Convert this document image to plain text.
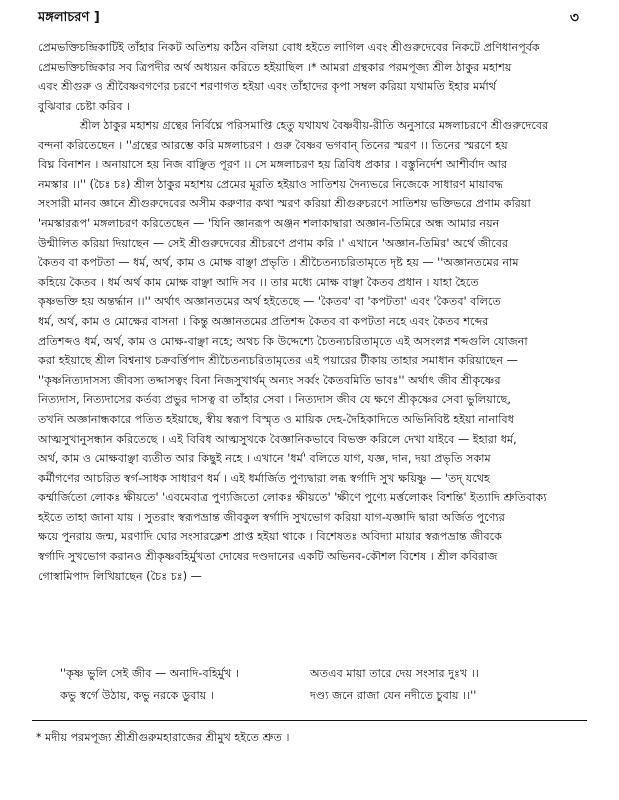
মঙ্গলাচরণ ]	৩
প্রেমভক্তিচন্দ্রিকাটিই তাঁহার নিকট অতিশয় কঠিন বলিয়া বোধ হইতে লাগিল এবং শ্রীগুরুদেবের নিকটে প্রণিধানপূর্বক
প্রেমভক্তিচন্দ্রিকার সব ত্রিপদীর অর্থ অধ্যয়ন করিতে হইয়াছিল ।* আমরা গ্রন্থকার পরমপূজ্য শ্রীল ঠাকুর মহাশয়
এবং শ্রীগুরু ও শ্রীবৈষ্ণবগণের চরণে শরণাগত হইয়া এবং তাঁহাদের কৃপা সম্বল করিয়া যথামতি ইহার মর্মার্থ
বুঝিবার চেষ্টা করিব ।
শ্রীল ঠাকুর মহাশয় গ্রন্থের নির্বিঘ্নে পরিসমাপ্তি হেতু যথাযথ বৈষ্ণবীয়-রীতি অনুসারে মঙ্গলাচরণে শ্রীগুরুদেবের
বন্দনা করিতেছেন । ''গ্রন্থের আরম্ভে করি মঙ্গলাচরণ । গুরু বৈষ্ণব ভগবান্ তিনের স্মরণ ।। তিনের স্মরণে হয়
বিঘ্ন বিনাশন । অনায়াসে হয় নিজ বাঞ্ছিত পূরণ ।। সে মঙ্গলাচরণ হয় ত্রিবিধ প্রকার । বস্তুনির্দেশ আশীর্বাদ আর
নমস্কার ।।'' (চৈঃ চঃ) শ্রীল ঠাকুর মহাশয় প্রেমের মূরতি হইয়াও সাতিশয় দৈন্যভরে নিজেকে সাধারণ মায়াবদ্ধ
সংসারী মানব জ্ঞানে শ্রীগুরুদেবের অসীম করুণার কথা স্মরণ করিয়া শ্রীগুরুচরণে সাতিশয় ভক্তিভরে প্রণাম করিয়া
'নমস্কাররূপ' মঙ্গলাচরণ করিতেছেন — 'যিনি জ্ঞানরূপ অঞ্জন শলাকাদ্বারা অজ্ঞান-তিমিরে অন্ধ আমার নয়ন
উন্মীলিত করিয়া দিয়াছেন — সেই শ্রীগুরুদেবের শ্রীচরণে প্রণাম করি ।' এখানে 'অজ্ঞান-তিমির' অর্থে জীবের
কৈতব বা কপটতা — ধর্ম, অর্থ, কাম ও মোক্ষ বাঞ্ছা প্রভৃতি । শ্রীচৈতন্যচরিতামৃতে দৃষ্ট হয় — ''অজ্ঞানতমের নাম
কহিয়ে কৈতব । ধর্ম অর্থ কাম মোক্ষ বাঞ্ছা আদি সব ।। তার মধ্যে মোক্ষ বাঞ্ছা কৈতব প্রধান । যাহা হৈতে
কৃষ্ণভক্তি হয় অন্তর্দ্ধান ।।'' অর্থাৎ অজ্ঞানতমের অর্থ হইতেছে — 'কৈতব' বা 'কপটতা' এবং 'কৈতব' বলিতে
ধর্ম, অর্থ, কাম ও মোক্ষের বাসনা । কিন্তু অজ্ঞানতমের প্রতিশব্দ কৈতব বা কপটতা নহে এবং কৈতব শব্দের
প্রতিশব্দও ধর্ম, অর্থ, কাম ও মোক্ষ-বাঞ্ছা নহে; অথচ কি উদ্দেশ্যে চৈতন্যচরিতামৃতে এই অসংলগ্ন শব্দগুলি যোজনা
করা হইয়াছে শ্রীল বিশ্বনাথ চক্রবর্ত্তিপাদ শ্রীচৈতন্যচরিতামৃতের এই পয়ারের টীকায় তাহার সমাধান করিয়াছেন —
''কৃষ্ণনিত্যদাসস্য জীবস্য তদ্দাসত্বং বিনা নিজসুখার্থম্ অন্যং সর্ব্বং কৈতবমিতি ভাবঃ'' অর্থাৎ জীব শ্রীকৃষ্ণের
নিত্যদাস, নিত্যদাসের কর্তব্য প্রভুর দাসত্ব বা তাঁহার সেবা । নিত্যদাস জীব যে ক্ষণে শ্রীকৃষ্ণের সেবা ভুলিয়াছে,
তখনি অজ্ঞানান্ধকারে পতিত হইয়াছে, স্বীয় স্বরূপ বিস্মৃত ও মায়িক দেহ-দৈহিকাদিতে অভিনিবিষ্ট হইয়া নানাবিধ
আত্মসুখানুসন্ধান করিতেছে । এই বিবিধ আত্মসুখকে বৈজ্ঞানিকভাবে বিভক্ত করিলে দেখা যাইবে — ইহারা ধর্ম,
অর্থ, কাম ও মোক্ষবাঞ্ছা ব্যতীত আর কিছুই নহে । এখানে 'ধর্ম' বলিতে যাগ, যজ্ঞ, দান, দয়া প্রভৃতি সকাম
কর্মীগণের আচরিত স্বর্গ-সাধক সাধারণ ধর্ম । এই ধর্মার্জিত পুণ্যদ্বারা লব্ধ স্বর্গাদি সুখ ক্ষয়িষ্ণু — 'তদ্ যথেহ
কর্ম্মার্জিতো লোকঃ ক্ষীয়তে' 'এবমেবাত্র পুণ্যজিতো লোকঃ ক্ষীয়তে' 'ক্ষীণে পুণ্যে মর্ত্তলোকং বিশন্তি' ইত্যাদি শ্রুতিবাক্য
হইতে তাহা জানা যায় । সুতরাং স্বরূপভ্রান্ত জীবকুল স্বর্গাদি সুখভোগ করিয়া যাগ-যজ্ঞাদি দ্বারা অর্জিত পুণ্যের
ক্ষয়ে পুনরায় জন্ম, মরণাদি ঘোর সংসারক্লেশ প্রাপ্ত হইয়া থাকে । বিশেষতঃ অবিদ্যা মায়ার স্বরূপভ্রান্ত জীবকে
স্বর্গাদি সুখভোগ করানও শ্রীকৃষ্ণবহির্মুখতা দোষের দণ্ডদানের একটি অভিনব-কৌশল বিশেষ । শ্রীল কবিরাজ
গোস্বামিপাদ লিখিয়াছেন (চৈঃ চঃ) —
''কৃষ্ণ ভুলি সেই জীব — অনাদি-বহির্মুখ ।	অতএব মায়া তারে দেয় সংসার দুঃখ ।।
কভু স্বর্গে উঠায়, কভু নরকে ডুবায় ।	দণ্ড্য জনে রাজা যেন নদীতে চুবায় ।।''
* মদীয় পরমপূজ্য শ্রীশ্রীগুরুমহারাজের শ্রীমুখ হইতে শ্রুত ।
